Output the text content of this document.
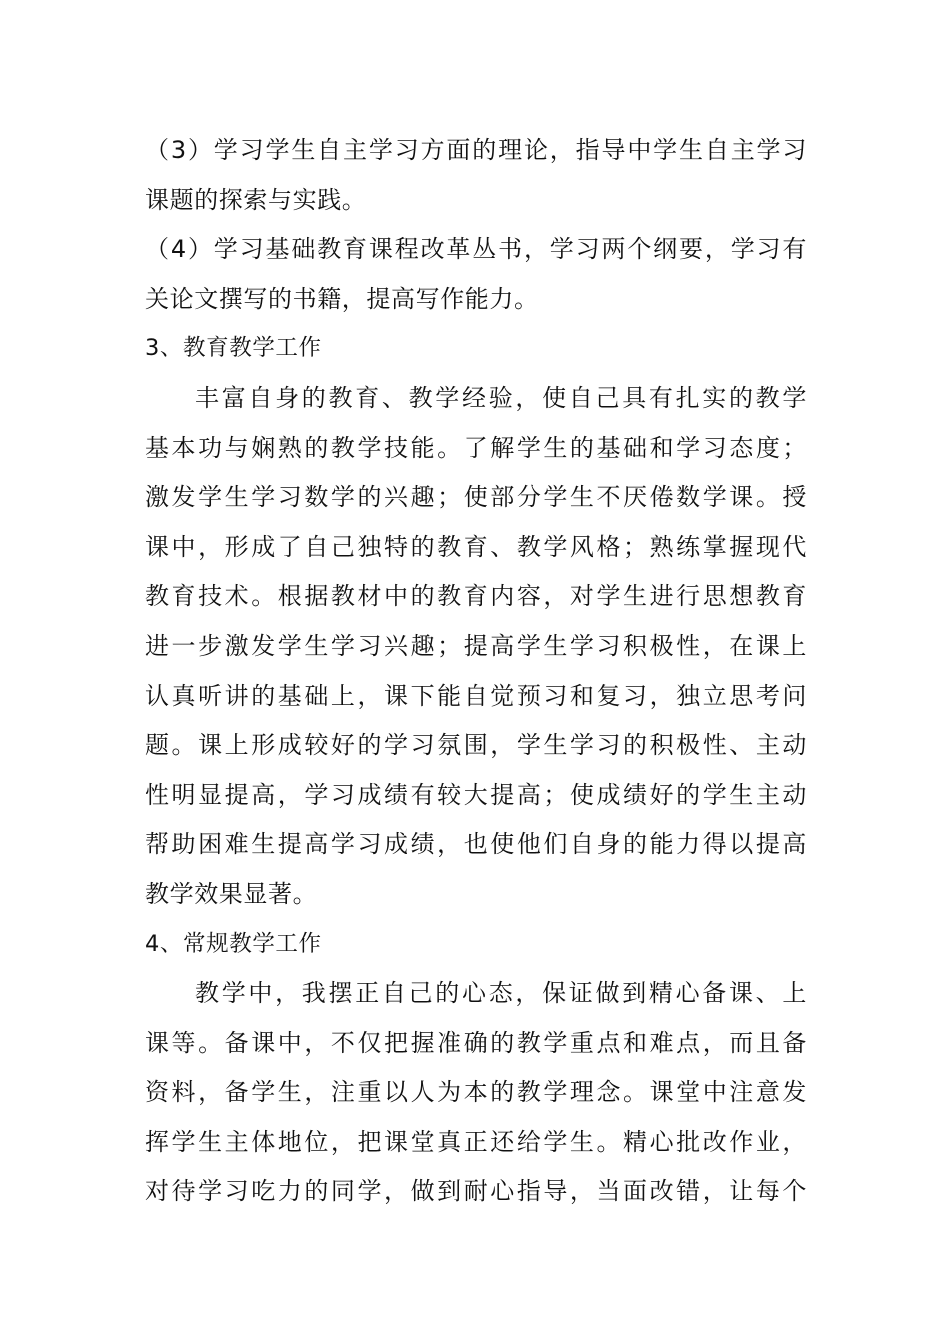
（3）学习学生自主学习方面的理论，指导中学生自主学习
课题的探索与实践。
（4）学习基础教育课程改革丛书，学习两个纲要，学习有
关论文撰写的书籍，提高写作能力。
3、教育教学工作
丰富自身的教育、教学经验，使自己具有扎实的教学
基本功与娴熟的教学技能。了解学生的基础和学习态度；
激发学生学习数学的兴趣；使部分学生不厌倦数学课。授
课中，形成了自己独特的教育、教学风格；熟练掌握现代
教育技术。根据教材中的教育内容，对学生进行思想教育
进一步激发学生学习兴趣；提高学生学习积极性，在课上
认真听讲的基础上，课下能自觉预习和复习，独立思考问
题。课上形成较好的学习氛围，学生学习的积极性、主动
性明显提高，学习成绩有较大提高；使成绩好的学生主动
帮助困难生提高学习成绩，也使他们自身的能力得以提高
教学效果显著。
4、常规教学工作
教学中，我摆正自己的心态，保证做到精心备课、上
课等。备课中，不仅把握准确的教学重点和难点，而且备
资料，备学生，注重以人为本的教学理念。课堂中注意发
挥学生主体地位，把课堂真正还给学生。精心批改作业，
对待学习吃力的同学，做到耐心指导，当面改错，让每个
